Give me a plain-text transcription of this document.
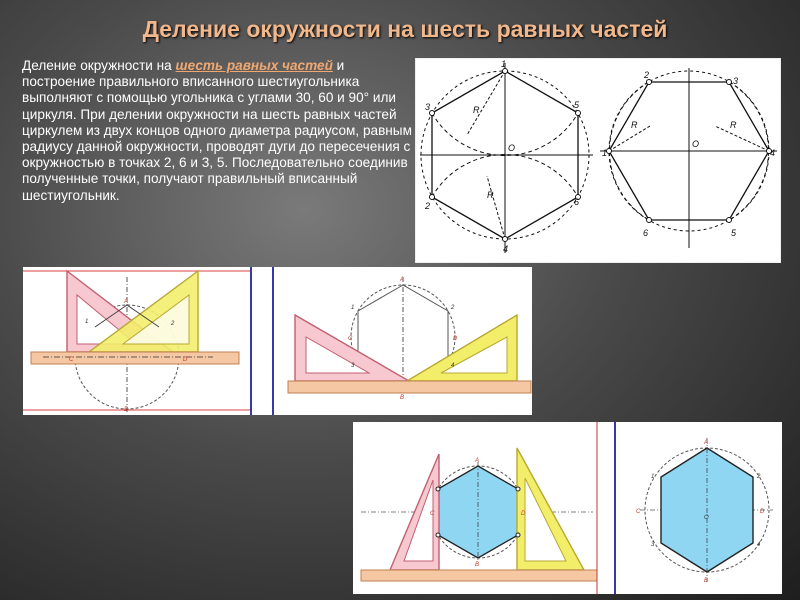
Деление окружности на шесть равных частей
Деление окружности на шесть равных частей и построение правильного вписанного шестиугольника выполняют с помощью угольника с углами 30, 60 и 90° или циркуля. При делении окружности на шесть равных частей циркулем из двух концов одного диаметра радиусом, равным радиусу данной окружности, проводят дуги до пересечения с окружностью в точках 2, 6 и 3, 5. Последовательно соединив полученные точки, получают правильный вписанный шестиугольник.
1
2
3
4
5
6
O
R
R
1
2
3
4
5
6
O
R	R
A
B
C	D
1	2
A
B
C	D
1	2
3	4
A
B
C	D
A
B
C	D
1	2
3	4
O
